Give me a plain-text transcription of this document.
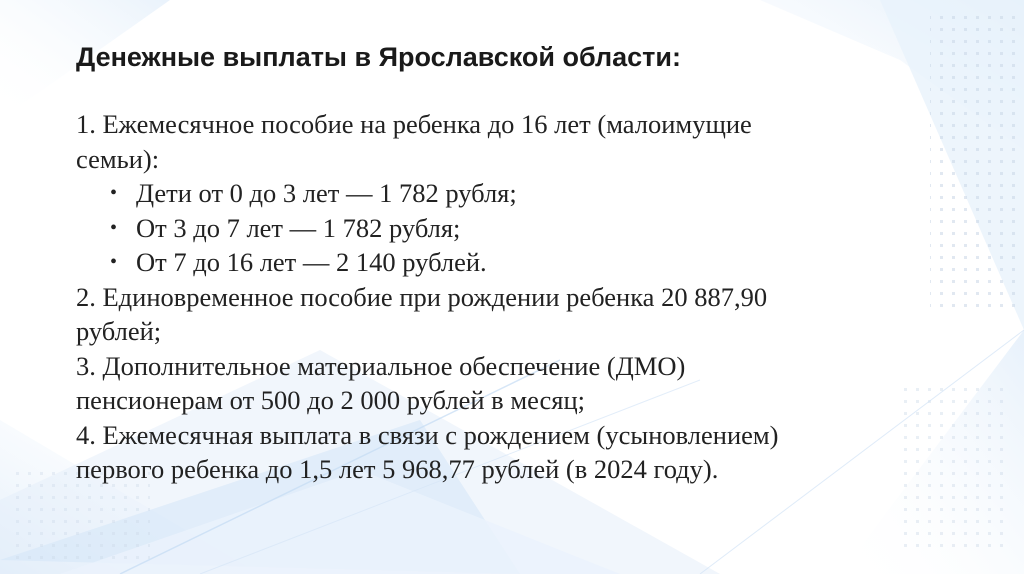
Денежные выплаты в Ярославской области:

1. Ежемесячное пособие на ребенка до 16 лет (малоимущие

семьи):

• Дети от 0 до 3 лет — 1 782 рубля;
• От 3 до 7 лет — 1 782 рубля;
• От 7 до 16 лет — 2 140 рублей.

2. Единовременное пособие при рождении ребенка 20 887,90

рублей;

3. Дополнительное материальное обеспечение (ДМО)

пенсионерам от 500 до 2 000 рублей в месяц;

4. Ежемесячная выплата в связи с рождением (усыновлением)

первого ребенка до 1,5 лет 5 968,77 рублей (в 2024 году).
